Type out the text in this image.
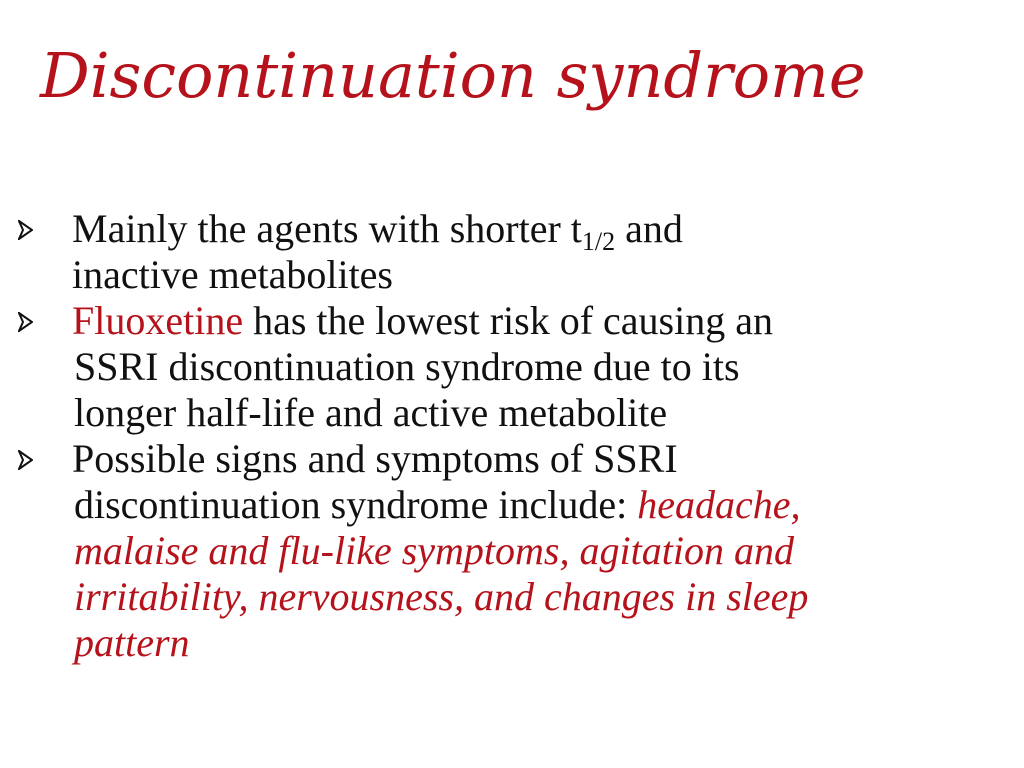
Discontinuation syndrome
Mainly the agents with shorter $t_{1/2}$ and
inactive metabolites
Fluoxetine has the lowest risk of causing an
SSRI discontinuation syndrome due to its
longer half-life and active metabolite
Possible signs and symptoms of SSRI
discontinuation syndrome include: headache,
malaise and flu-like symptoms, agitation and
irritability, nervousness, and changes in sleep
pattern
